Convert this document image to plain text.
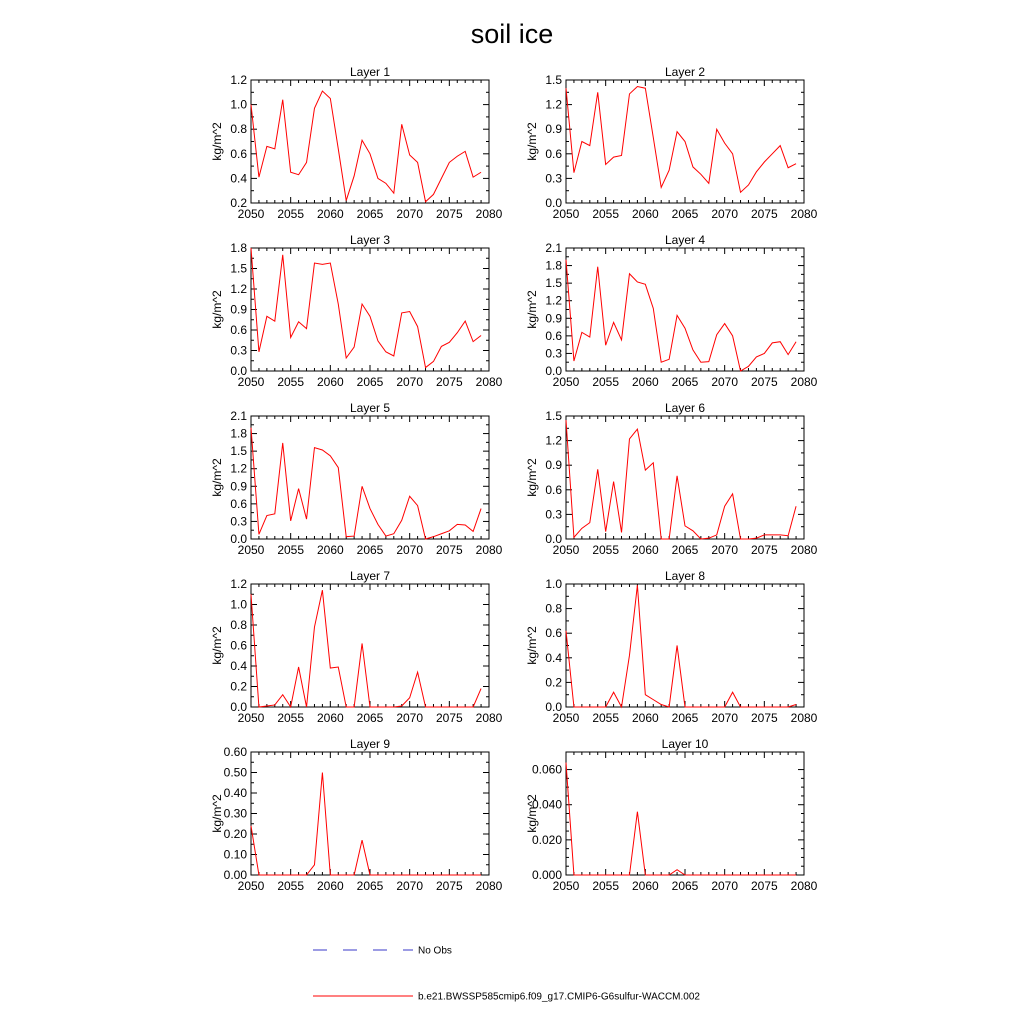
soil ice
Layer 1
kg/m^2
0.2
0.4
0.6
0.8
1.0
1.2
2050 2055 2060 2065 2070 2075 2080
Layer 2
kg/m^2
0.0
0.3
0.6
0.9
1.2
1.5
2050 2055 2060 2065 2070 2075 2080
Layer 3
kg/m^2
0.0
0.3
0.6
0.9
1.2
1.5
1.8
2050 2055 2060 2065 2070 2075 2080
Layer 4
kg/m^2
0.0
0.3
0.6
0.9
1.2
1.5
1.8
2.1
2050 2055 2060 2065 2070 2075 2080
Layer 5
kg/m^2
0.0
0.3
0.6
0.9
1.2
1.5
1.8
2.1
2050 2055 2060 2065 2070 2075 2080
Layer 6
kg/m^2
0.0
0.3
0.6
0.9
1.2
1.5
2050 2055 2060 2065 2070 2075 2080
Layer 7
kg/m^2
0.0
0.2
0.4
0.6
0.8
1.0
1.2
2050 2055 2060 2065 2070 2075 2080
Layer 8
kg/m^2
0.0
0.2
0.4
0.6
0.8
1.0
2050 2055 2060 2065 2070 2075 2080
Layer 9
kg/m^2
0.00
0.10
0.20
0.30
0.40
0.50
0.60
2050 2055 2060 2065 2070 2075 2080
Layer 10
kg/m^2
0.000
0.020
0.040
0.060
2050 2055 2060 2065 2070 2075 2080
No Obs
b.e21.BWSSP585cmip6.f09_g17.CMIP6-G6sulfur-WACCM.002
